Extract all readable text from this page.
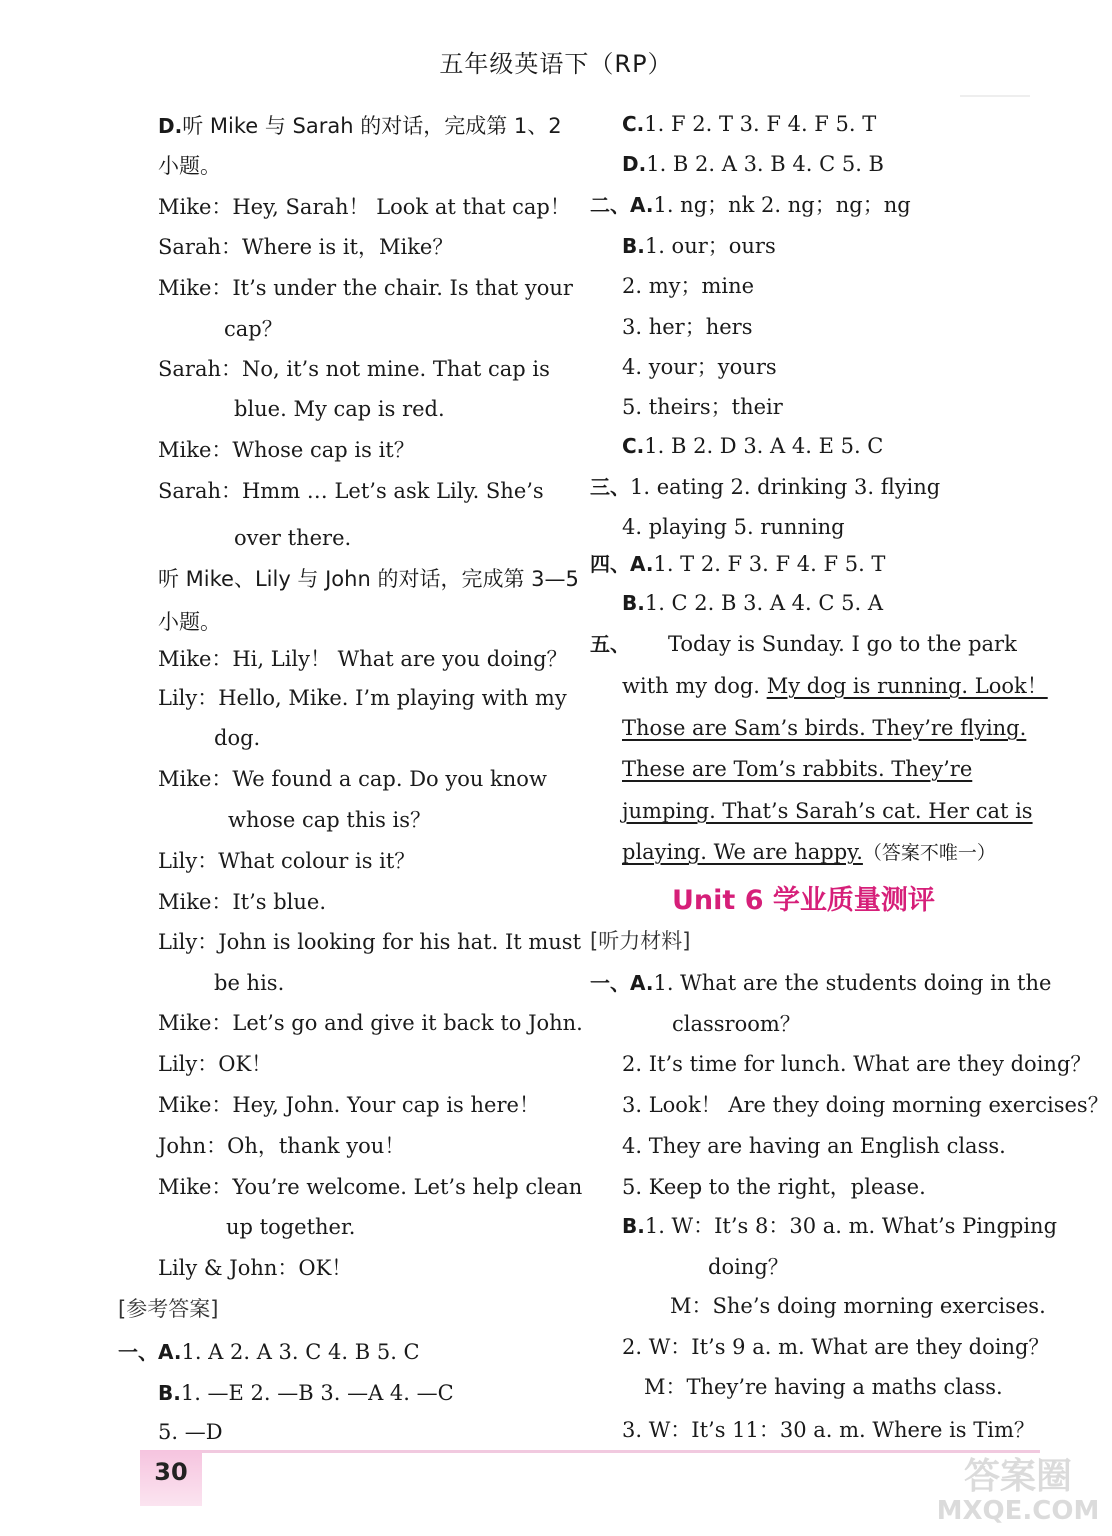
五年级英语下（RP）
D.听 Mike 与 Sarah 的对话，完成第 1、2
小题。
Mike：Hey, Sarah！ Look at that cap！
Sarah：Where is it，Mike？
Mike：It’s under the chair. Is that your
cap？
Sarah：No, it’s not mine. That cap is
blue. My cap is red.
Mike：Whose cap is it？
Sarah：Hmm … Let’s ask Lily. She’s
over there.
听 Mike、Lily 与 John 的对话，完成第 3—5
小题。
Mike：Hi, Lily！ What are you doing？
Lily：Hello, Mike. I’m playing with my
dog.
Mike：We found a cap. Do you know
whose cap this is？
Lily：What colour is it？
Mike：It’s blue.
Lily：John is looking for his hat. It must
be his.
Mike：Let’s go and give it back to John.
Lily：OK！
Mike：Hey, John. Your cap is here！
John：Oh，thank you！
Mike：You’re welcome. Let’s help clean
up together.
Lily & John：OK！
[参考答案]
一、A.1. A 2. A 3. C 4. B 5. C
B.1. —E 2. —B 3. —A 4. —C
5. —D
C.1. F 2. T 3. F 4. F 5. T
D.1. B 2. A 3. B 4. C 5. B
二、A.1. ng；nk 2. ng；ng；ng
B.1. our；ours
2. my；mine
3. her；hers
4. your；yours
5. theirs；their
C.1. B 2. D 3. A 4. E 5. C
三、1. eating 2. drinking 3. flying
4. playing 5. running
四、A.1. T 2. F 3. F 4. F 5. T
B.1. C 2. B 3. A 4. C 5. A
五、 Today is Sunday. I go to the park
with my dog. My dog is running. Look！
Those are Sam’s birds. They’re flying.
These are Tom’s rabbits. They’re
jumping. That’s Sarah’s cat. Her cat is
playing. We are happy.（答案不唯一）
Unit 6 学业质量测评
[听力材料]
一、A.1. What are the students doing in the
classroom？
2. It’s time for lunch. What are they doing？
3. Look！ Are they doing morning exercises？
4. They are having an English class.
5. Keep to the right，please.
B.1. W：It’s 8：30 a. m. What’s Pingping
doing？
M：She’s doing morning exercises.
2. W：It’s 9 a. m. What are they doing？
M：They’re having a maths class.
3. W：It’s 11：30 a. m. Where is Tim？
30	答案圈
MXQE.COM
